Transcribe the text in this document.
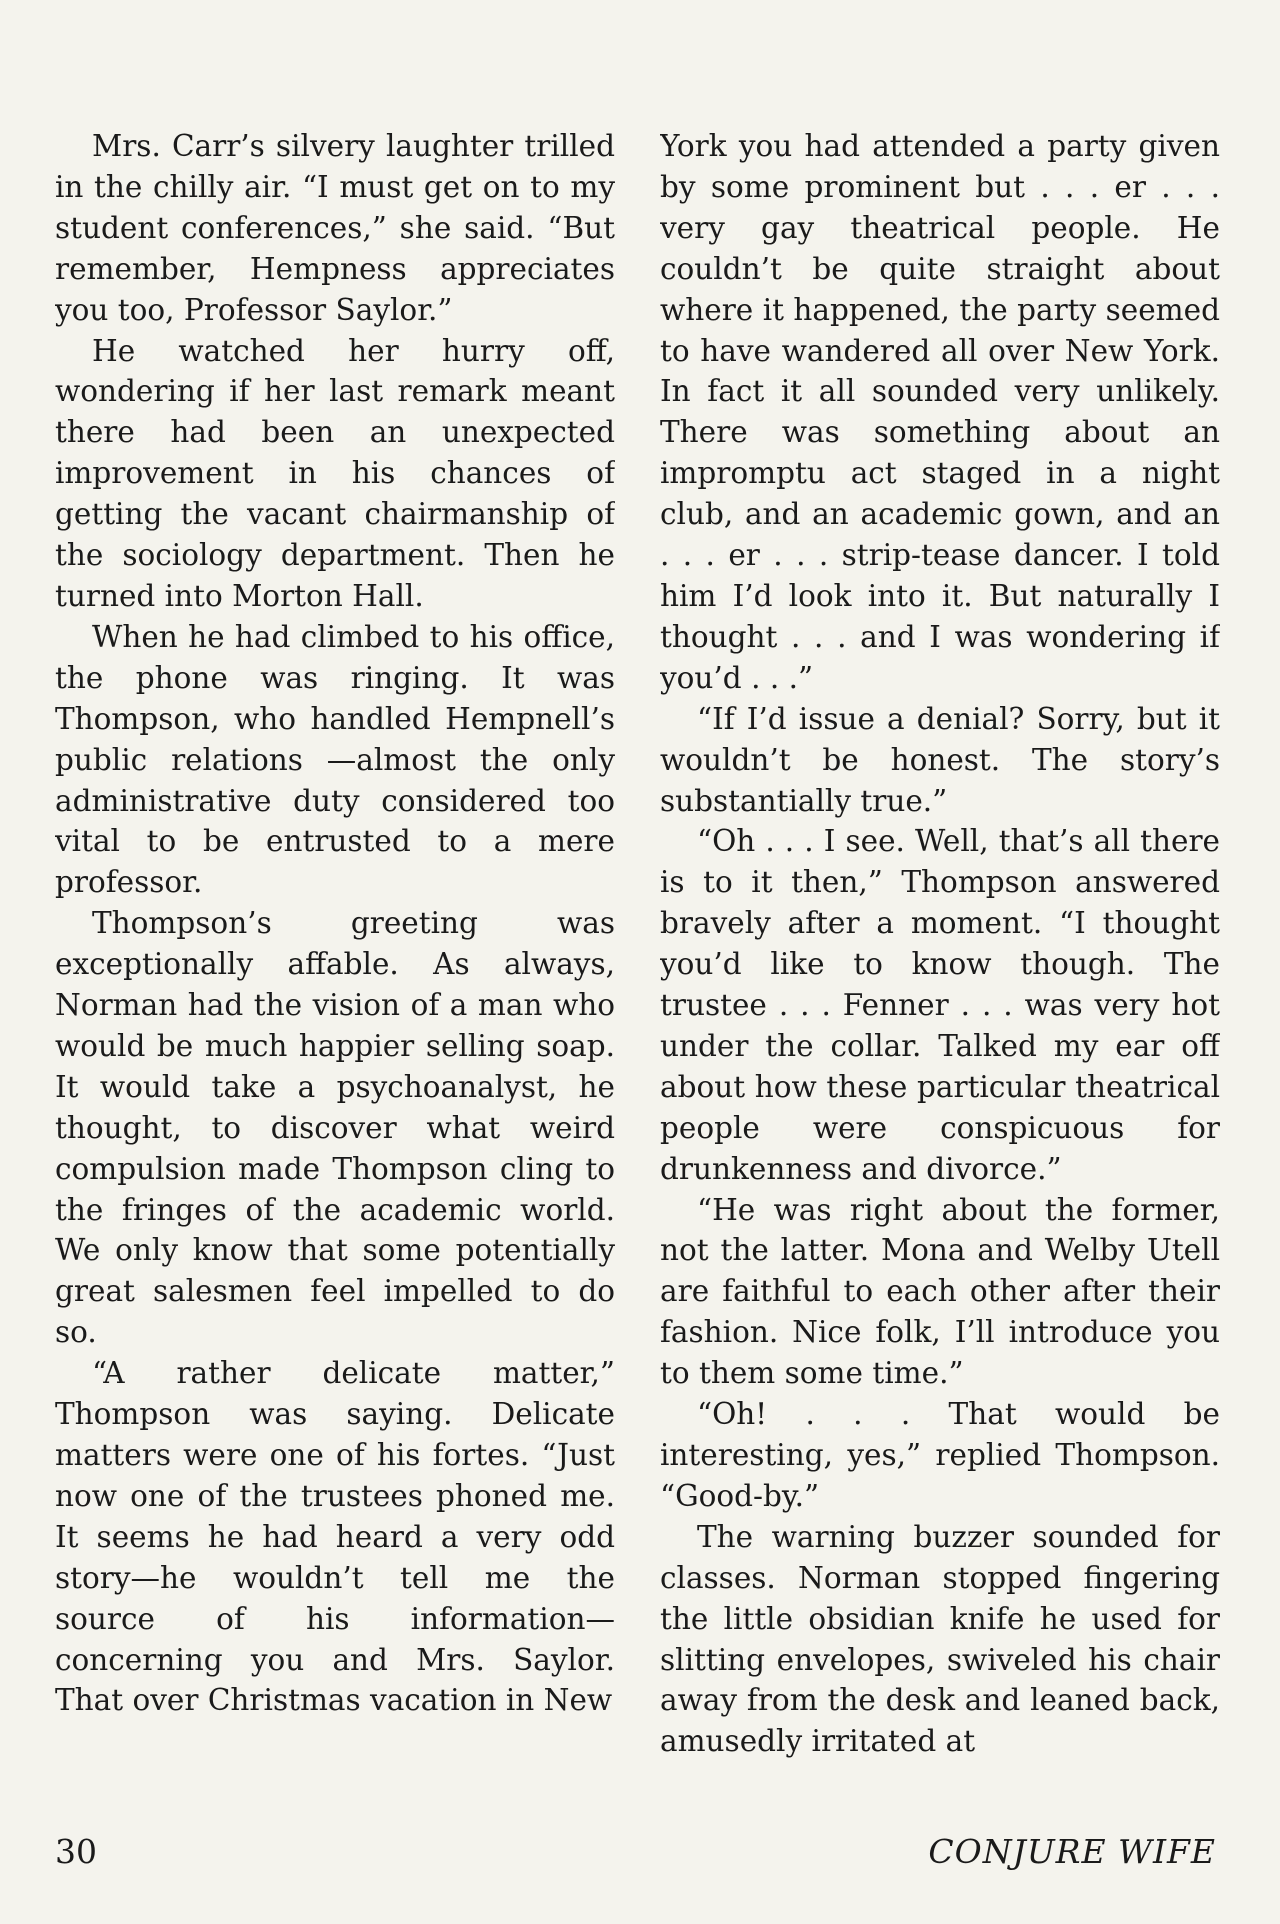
Mrs. Carr’s silvery laughter trilled in the chilly air. “I must get on to my student conferences,” she said. “But remember, Hempness appreciates you too, Professor Saylor.”

He watched her hurry off, wondering if her last remark meant there had been an unexpected improvement in his chances of getting the vacant chairmanship of the sociology department. Then he turned into Morton Hall.

When he had climbed to his office, the phone was ringing. It was Thompson, who handled Hempnell’s public relations —almost the only administrative duty considered too vital to be entrusted to a mere professor.

Thompson’s greeting was exceptionally affable. As always, Norman had the vision of a man who would be much happier selling soap. It would take a psychoanalyst, he thought, to discover what weird compulsion made Thompson cling to the fringes of the academic world. We only know that some potentially great salesmen feel impelled to do so.

“A rather delicate matter,” Thompson was saying. Delicate matters were one of his fortes. “Just now one of the trustees phoned me. It seems he had heard a very odd story—he wouldn’t tell me the source of his information—concerning you and Mrs. Saylor. That over Christmas vacation in New

York you had attended a party given by some prominent but . . . er . . . very gay theatrical people. He couldn’t be quite straight about where it happened, the party seemed to have wandered all over New York. In fact it all sounded very unlikely. There was something about an impromptu act staged in a night club, and an academic gown, and an . . . er . . . strip-tease dancer. I told him I’d look into it. But naturally I thought . . . and I was wondering if you’d . . .”

“If I’d issue a denial? Sorry, but it wouldn’t be honest. The story’s substantially true.”

“Oh . . . I see. Well, that’s all there is to it then,” Thompson answered bravely after a moment. “I thought you’d like to know though. The trustee . . . Fenner . . . was very hot under the collar. Talked my ear off about how these particular theatrical people were conspicuous for drunkenness and divorce.”

“He was right about the former, not the latter. Mona and Welby Utell are faithful to each other after their fashion. Nice folk, I’ll introduce you to them some time.”

“Oh! . . . That would be interesting, yes,” replied Thompson. “Good-by.”

The warning buzzer sounded for classes. Norman stopped fingering the little obsidian knife he used for slitting envelopes, swiveled his chair away from the desk and leaned back, amusedly irritated at

30	CONJURE WIFE
